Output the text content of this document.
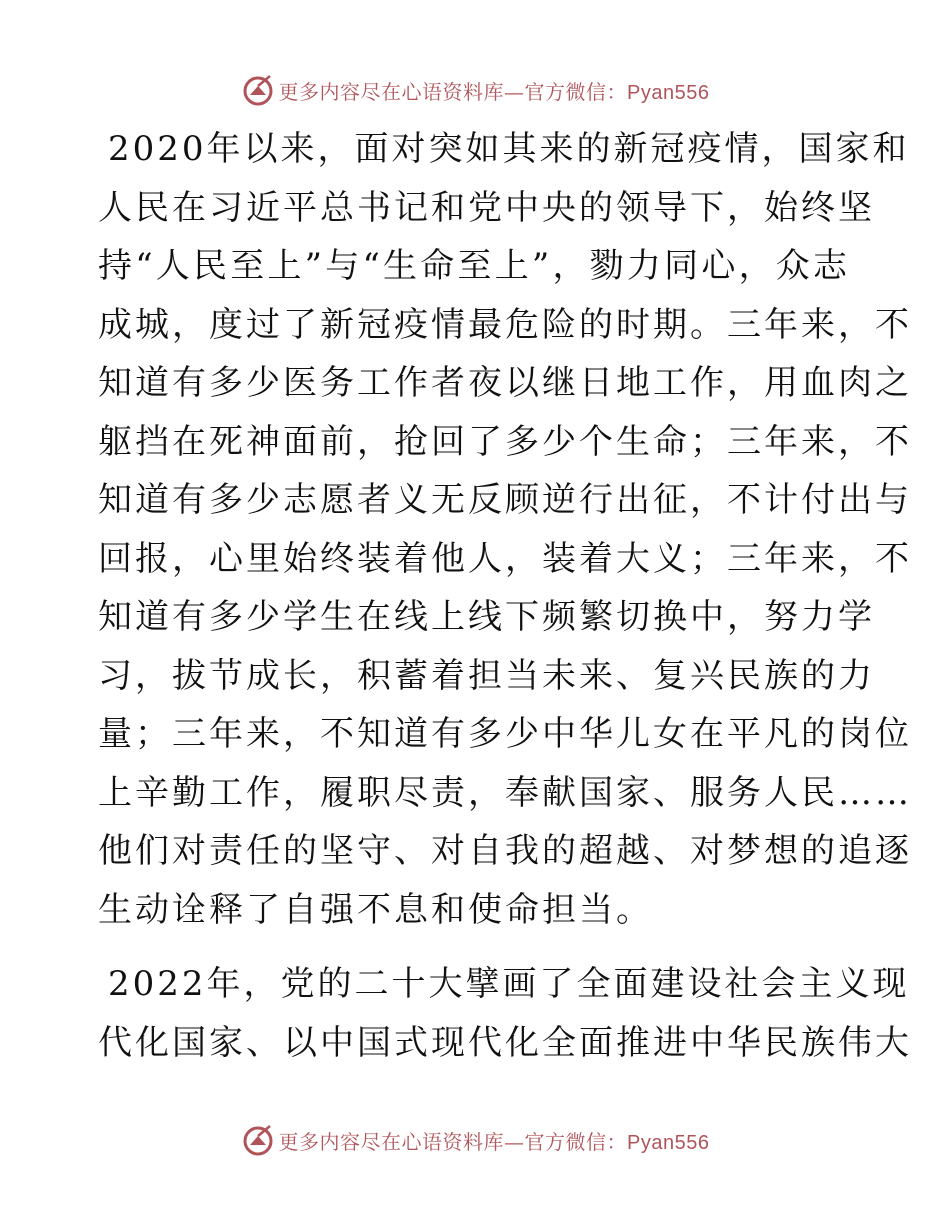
更多内容尽在心语资料库—官方微信：Pyan556
2020年以来，面对突如其来的新冠疫情，国家和
人民在习近平总书记和党中央的领导下，始终坚
持“人民至上”与“生命至上”，勠力同心，众志
成城，度过了新冠疫情最危险的时期。三年来，不
知道有多少医务工作者夜以继日地工作，用血肉之
躯挡在死神面前，抢回了多少个生命；三年来，不
知道有多少志愿者义无反顾逆行出征，不计付出与
回报，心里始终装着他人，装着大义；三年来，不
知道有多少学生在线上线下频繁切换中，努力学
习，拔节成长，积蓄着担当未来、复兴民族的力
量；三年来，不知道有多少中华儿女在平凡的岗位
上辛勤工作，履职尽责，奉献国家、服务人民……
他们对责任的坚守、对自我的超越、对梦想的追逐
生动诠释了自强不息和使命担当。
2022年，党的二十大擘画了全面建设社会主义现
代化国家、以中国式现代化全面推进中华民族伟大
更多内容尽在心语资料库—官方微信：Pyan556
